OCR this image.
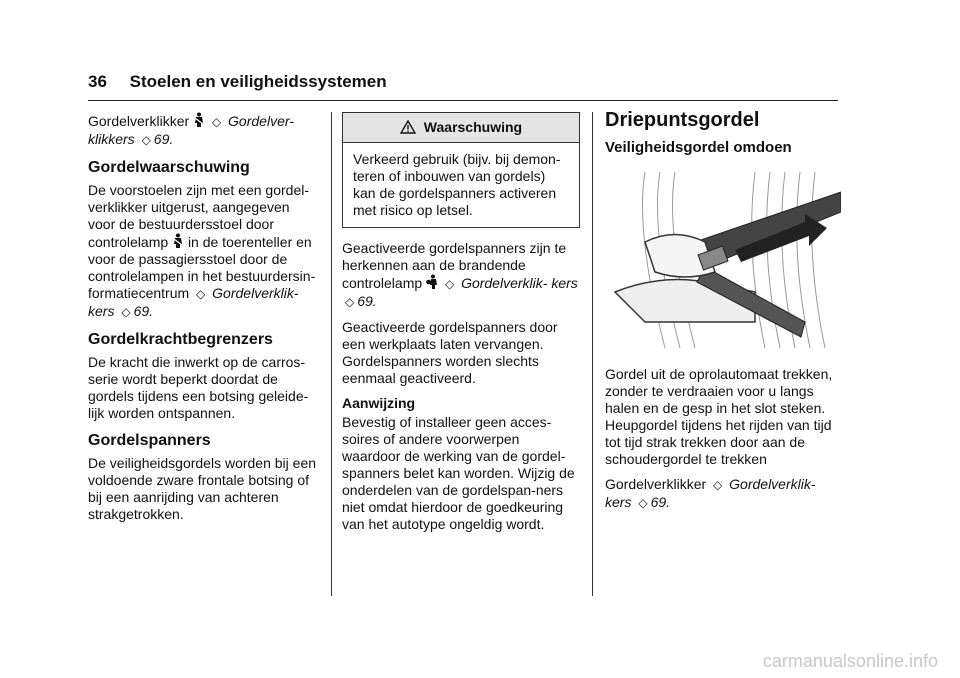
36 Stoelen en veiligheidssystemen

Gordelverklikker ◇ Gordelver-
klikkers ◇ 69.

Gordelwaarschuwing

De voorstoelen zijn met een gordel-verklikker uitgerust, aangegeven voor de bestuurdersstoel door controlelamp in de toerenteller en voor de passagiersstoel door de controlelampen in het bestuurdersin-formatiecentrum ◇ Gordelverklik- kers ◇ 69.

Gordelkrachtbegrenzers

De kracht die inwerkt op de carros-serie wordt beperkt doordat de gordels tijdens een botsing geleide-lijk worden ontspannen.

Gordelspanners

De veiligheidsgordels worden bij een voldoende zware frontale botsing of bij een aanrijding van achteren strakgetrokken.

Waarschuwing
Verkeerd gebruik (bijv. bij demon-teren of inbouwen van gordels) kan de gordelspanners activeren met risico op letsel.

Geactiveerde gordelspanners zijn te herkennen aan de brandende controlelamp ◇ Gordelverklik- kers ◇ 69.

Geactiveerde gordelspanners door een werkplaats laten vervangen. Gordelspanners worden slechts eenmaal geactiveerd.

Aanwijzing

Bevestig of installeer geen acces-soires of andere voorwerpen waardoor de werking van de gordel-spanners belet kan worden. Wijzig de onderdelen van de gordelspan-ners niet omdat hierdoor de goedkeuring van het autotype ongeldig wordt.

Driepuntsgordel
Veiligheidsgordel omdoen

Gordel uit de oprolautomaat trekken, zonder te verdraaien voor u langs halen en de gesp in het slot steken. Heupgordel tijdens het rijden van tijd tot tijd strak trekken door aan de schoudergordel te trekken

Gordelverklikker ◇ Gordelverklik-
kers ◇ 69.

carmanualsonline.info
